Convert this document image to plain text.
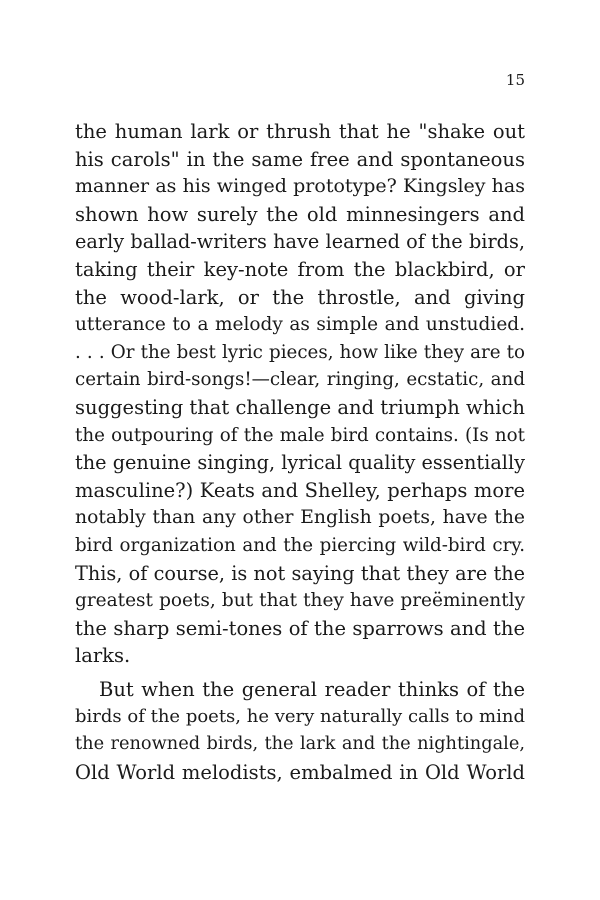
15
the human lark or thrush that he "shake out
his carols" in the same free and spontaneous
manner as his winged prototype? Kingsley has
shown how surely the old minnesingers and
early ballad-writers have learned of the birds,
taking their key-note from the blackbird, or
the wood-lark, or the throstle, and giving
utterance to a melody as simple and unstudied.
. . . Or the best lyric pieces, how like they are to
certain bird-songs!—clear, ringing, ecstatic, and
suggesting that challenge and triumph which
the outpouring of the male bird contains. (Is not
the genuine singing, lyrical quality essentially
masculine?) Keats and Shelley, perhaps more
notably than any other English poets, have the
bird organization and the piercing wild-bird cry.
This, of course, is not saying that they are the
greatest poets, but that they have preëminently
the sharp semi-tones of the sparrows and the
larks.
But when the general reader thinks of the
birds of the poets, he very naturally calls to mind
the renowned birds, the lark and the nightingale,
Old World melodists, embalmed in Old World
